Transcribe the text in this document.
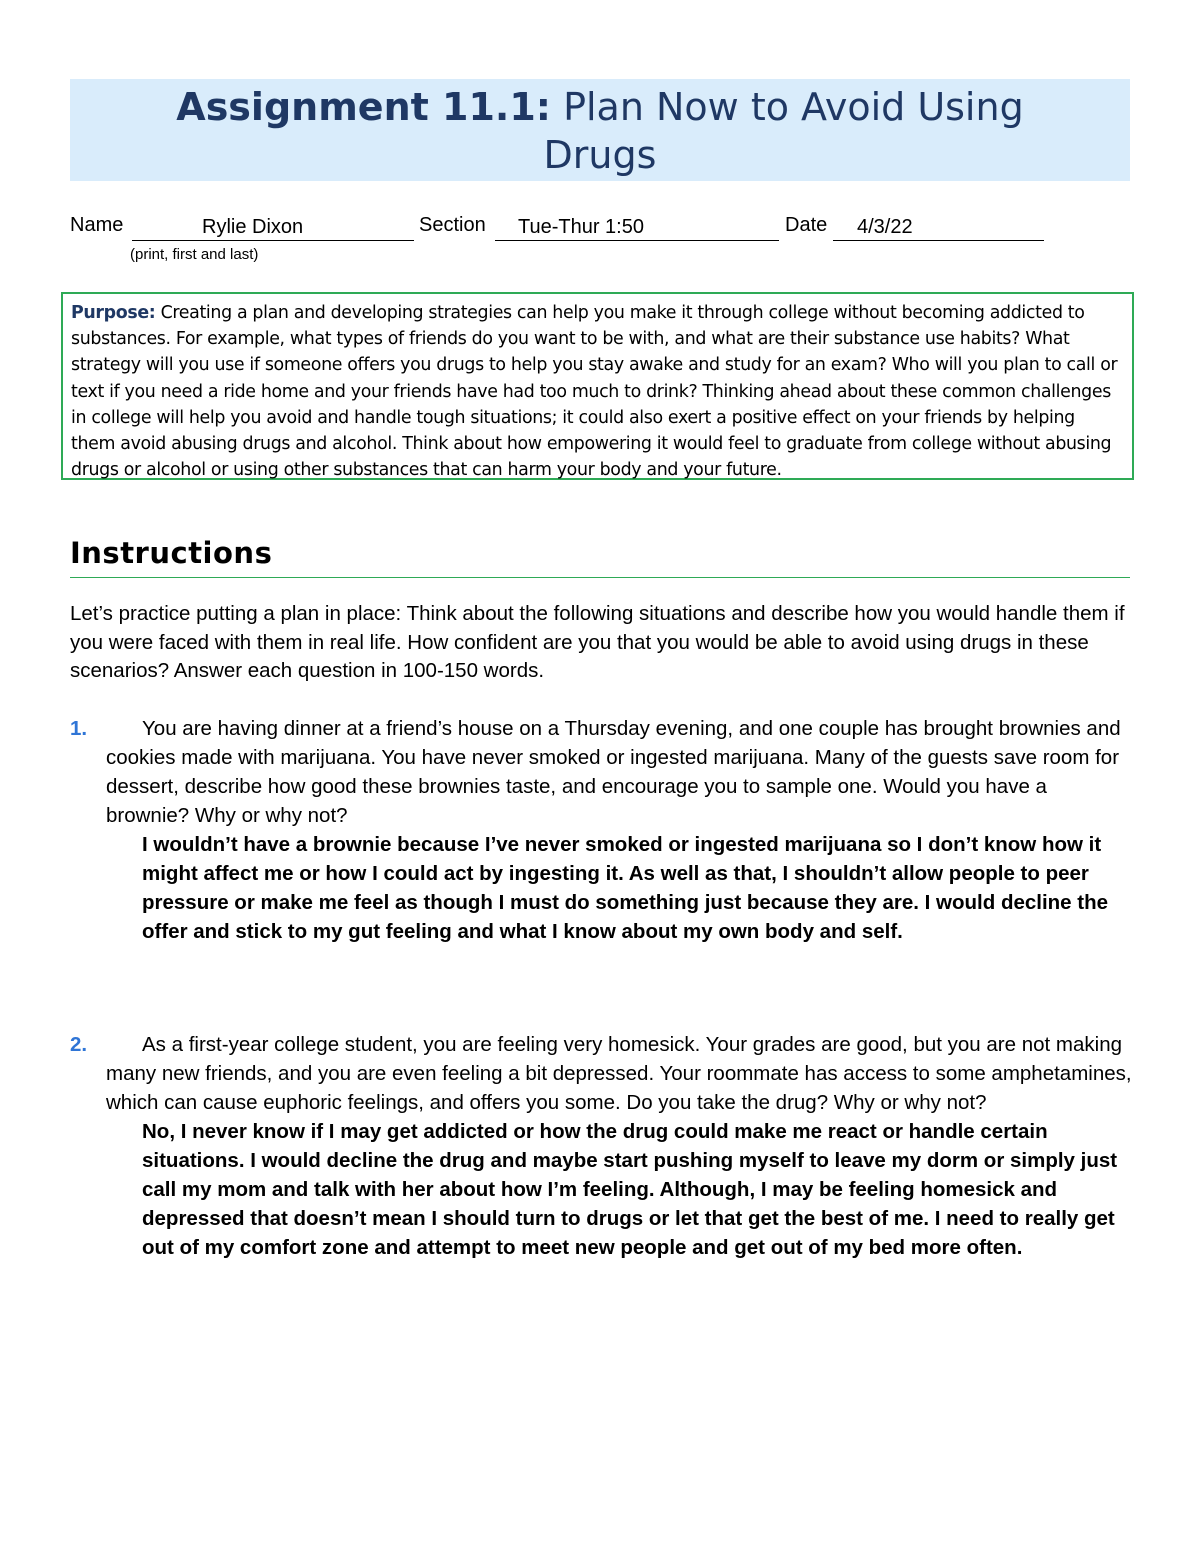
Assignment 11.1: Plan Now to Avoid Using
Drugs
Name	Rylie Dixon	Section	Tue-Thur 1:50	Date	4/3/22
(print, first and last)
Purpose: Creating a plan and developing strategies can help you make it through college without becoming addicted to substances. For example, what types of friends do you want to be with, and what are their substance use habits? What strategy will you use if someone offers you drugs to help you stay awake and study for an exam? Who will you plan to call or text if you need a ride home and your friends have had too much to drink? Thinking ahead about these common challenges in college will help you avoid and handle tough situations; it could also exert a positive effect on your friends by helping them avoid abusing drugs and alcohol. Think about how empowering it would feel to graduate from college without abusing drugs or alcohol or using other substances that can harm your body and your future.
Instructions
Let’s practice putting a plan in place: Think about the following situations and describe how you would handle them if you were faced with them in real life. How confident are you that you would be able to avoid using drugs in these scenarios? Answer each question in 100-150 words.
1.	You are having dinner at a friend’s house on a Thursday evening, and one couple has brought brownies and cookies made with marijuana. You have never smoked or ingested marijuana. Many of the guests save room for dessert, describe how good these brownies taste, and encourage you to sample one. Would you have a brownie? Why or why not?
I wouldn’t have a brownie because I’ve never smoked or ingested marijuana so I don’t know how it might affect me or how I could act by ingesting it. As well as that, I shouldn’t allow people to peer pressure or make me feel as though I must do something just because they are. I would decline the offer and stick to my gut feeling and what I know about my own body and self.
2.	As a first-year college student, you are feeling very homesick. Your grades are good, but you are not making many new friends, and you are even feeling a bit depressed. Your roommate has access to some amphetamines, which can cause euphoric feelings, and offers you some. Do you take the drug? Why or why not?
No, I never know if I may get addicted or how the drug could make me react or handle certain situations. I would decline the drug and maybe start pushing myself to leave my dorm or simply just call my mom and talk with her about how I’m feeling. Although, I may be feeling homesick and depressed that doesn’t mean I should turn to drugs or let that get the best of me. I need to really get out of my comfort zone and attempt to meet new people and get out of my bed more often.
